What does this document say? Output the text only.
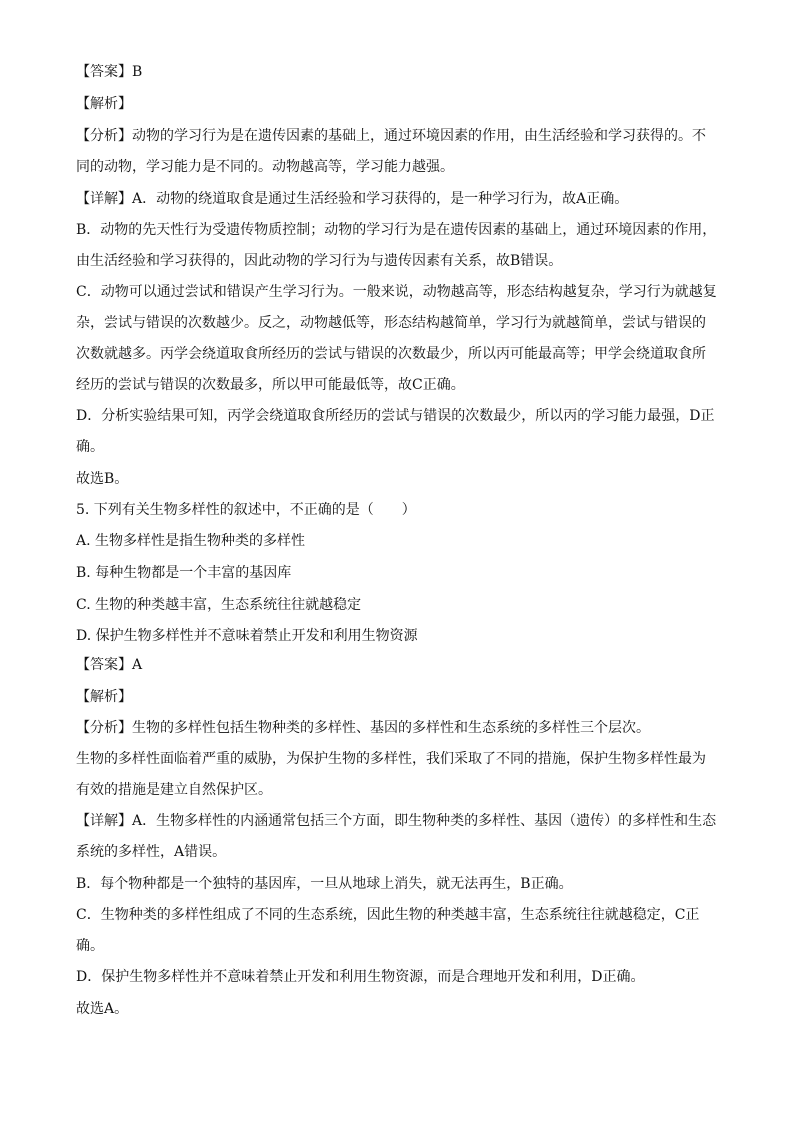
【答案】B
【解析】
【分析】动物的学习行为是在遗传因素的基础上，通过环境因素的作用，由生活经验和学习获得的。不
同的动物，学习能力是不同的。动物越高等，学习能力越强。
【详解】A．动物的绕道取食是通过生活经验和学习获得的，是一种学习行为，故A正确。
B．动物的先天性行为受遗传物质控制；动物的学习行为是在遗传因素的基础上，通过环境因素的作用，
由生活经验和学习获得的，因此动物的学习行为与遗传因素有关系，故B错误。
C．动物可以通过尝试和错误产生学习行为。一般来说，动物越高等，形态结构越复杂，学习行为就越复
杂，尝试与错误的次数越少。反之，动物越低等，形态结构越简单，学习行为就越简单，尝试与错误的
次数就越多。丙学会绕道取食所经历的尝试与错误的次数最少，所以丙可能最高等；甲学会绕道取食所
经历的尝试与错误的次数最多，所以甲可能最低等，故C正确。
D．分析实验结果可知，丙学会绕道取食所经历的尝试与错误的次数最少，所以丙的学习能力最强，D正
确。
故选B。
5. 下列有关生物多样性的叙述中，不正确的是（　　）
A. 生物多样性是指生物种类的多样性
B. 每种生物都是一个丰富的基因库
C. 生物的种类越丰富，生态系统往往就越稳定
D. 保护生物多样性并不意味着禁止开发和利用生物资源
【答案】A
【解析】
【分析】生物的多样性包括生物种类的多样性、基因的多样性和生态系统的多样性三个层次。
生物的多样性面临着严重的威胁，为保护生物的多样性，我们采取了不同的措施，保护生物多样性最为
有效的措施是建立自然保护区。
【详解】A．生物多样性的内涵通常包括三个方面，即生物种类的多样性、基因（遗传）的多样性和生态
系统的多样性，A错误。
B．每个物种都是一个独特的基因库，一旦从地球上消失，就无法再生，B正确。
C．生物种类的多样性组成了不同的生态系统，因此生物的种类越丰富，生态系统往往就越稳定，C正
确。
D．保护生物多样性并不意味着禁止开发和利用生物资源，而是合理地开发和利用，D正确。
故选A。
